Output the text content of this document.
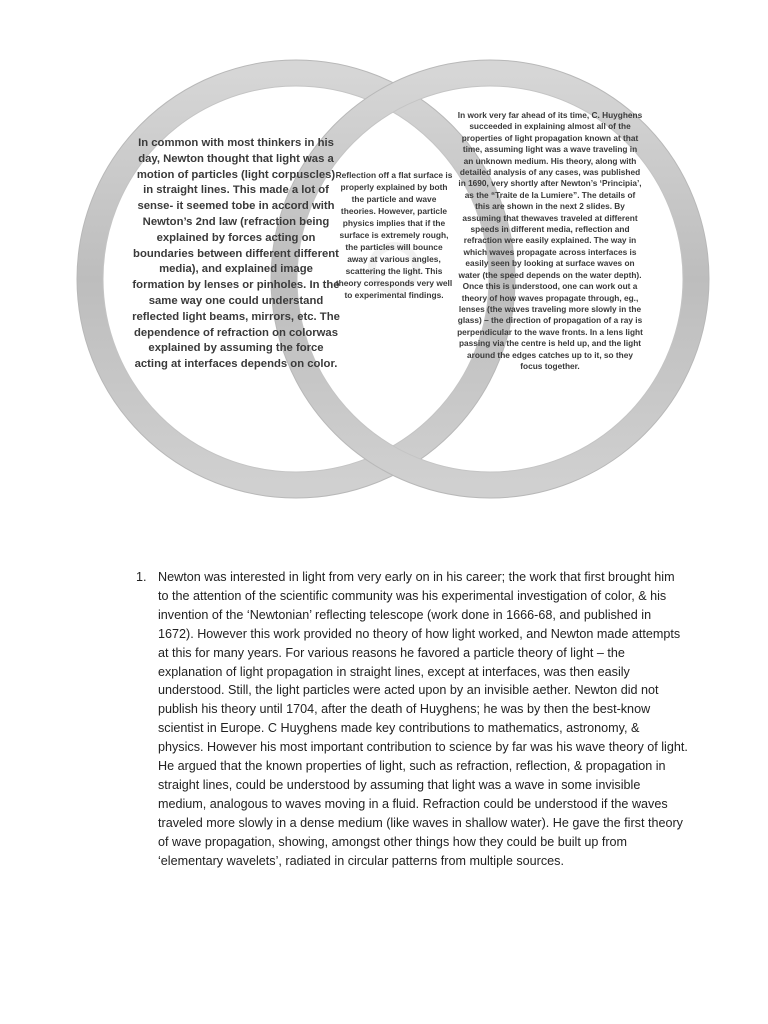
In common with most thinkers in his day, Newton thought that light was a motion of particles (light corpuscles) in straight lines. This made a lot of sense- it seemed tobe in accord with Newton’s 2nd law (refraction being explained by forces acting on boundaries between different different media), and explained image formation by lenses or pinholes. In the same way one could understand reflected light beams, mirrors, etc. The dependence of refraction on colorwas explained by assuming the force acting at interfaces depends on color.
Reflection off a flat surface is properly explained by both the particle and wave theories. However, particle physics implies that if the surface is extremely rough, the particles will bounce away at various angles, scattering the light. This theory corresponds very well to experimental findings.
In work very far ahead of its time, C. Huyghens succeeded in explaining almost all of the properties of light propagation known at that time, assuming light was a wave traveling in an unknown medium. His theory, along with detailed analysis of any cases, was published in 1690, very shortly after Newton’s ‘Principia’, as the “Traite de la Lumiere”. The details of this are shown in the next 2 slides. By assuming that thewaves traveled at different speeds in different media, reflection and refraction were easily explained. The way in which waves propagate across interfaces is easily seen by looking at surface waves on water (the speed depends on the water depth). Once this is understood, one can work out a theory of how waves propagate through, eg., lenses (the waves traveling more slowly in the glass) – the direction of propagation of a ray is perpendicular to the wave fronts. In a lens light passing via the centre is held up, and the light around the edges catches up to it, so they focus together.
1. Newton was interested in light from very early on in his career; the work that first brought him to the attention of the scientific community was his experimental investigation of color, & his invention of the ‘Newtonian’ reflecting telescope (work done in 1666-68, and published in 1672). However this work provided no theory of how light worked, and Newton made attempts at this for many years. For various reasons he favored a particle theory of light – the explanation of light propagation in straight lines, except at interfaces, was then easily understood. Still, the light particles were acted upon by an invisible aether. Newton did not publish his theory until 1704, after the death of Huyghens; he was by then the best-know scientist in Europe. C Huyghens made key contributions to mathematics, astronomy, & physics. However his most important contribution to science by far was his wave theory of light. He argued that the known properties of light, such as refraction, reflection, & propagation in straight lines, could be understood by assuming that light was a wave in some invisible medium, analogous to waves moving in a fluid. Refraction could be understood if the waves traveled more slowly in a dense medium (like waves in shallow water). He gave the first theory of wave propagation, showing, amongst other things how they could be built up from ‘elementary wavelets’, radiated in circular patterns from multiple sources.
